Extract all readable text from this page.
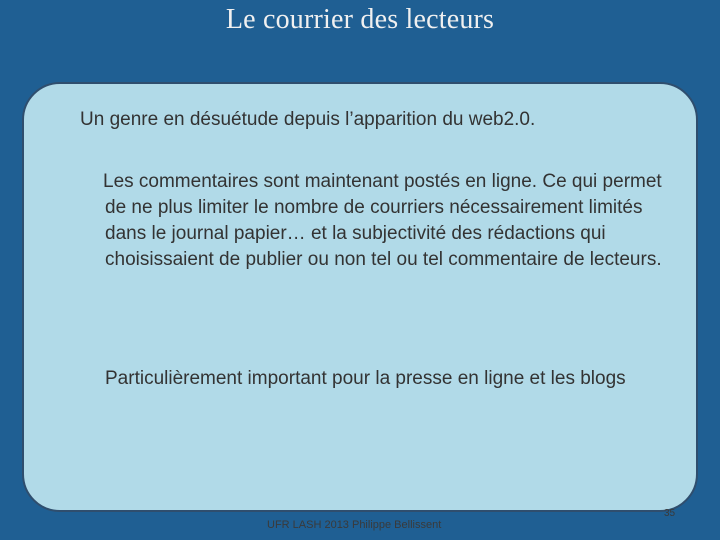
Le courrier des lecteurs

Un genre en désuétude depuis l’apparition du web2.0.

Les commentaires sont maintenant postés en ligne. Ce qui permet de ne plus limiter le nombre de courriers nécessairement limités dans le journal papier… et la subjectivité des rédactions qui choisissaient de publier ou non tel ou tel commentaire de lecteurs.

Particulièrement important pour la presse en ligne et les blogs

UFR LASH 2013 Philippe Bellissent
35
